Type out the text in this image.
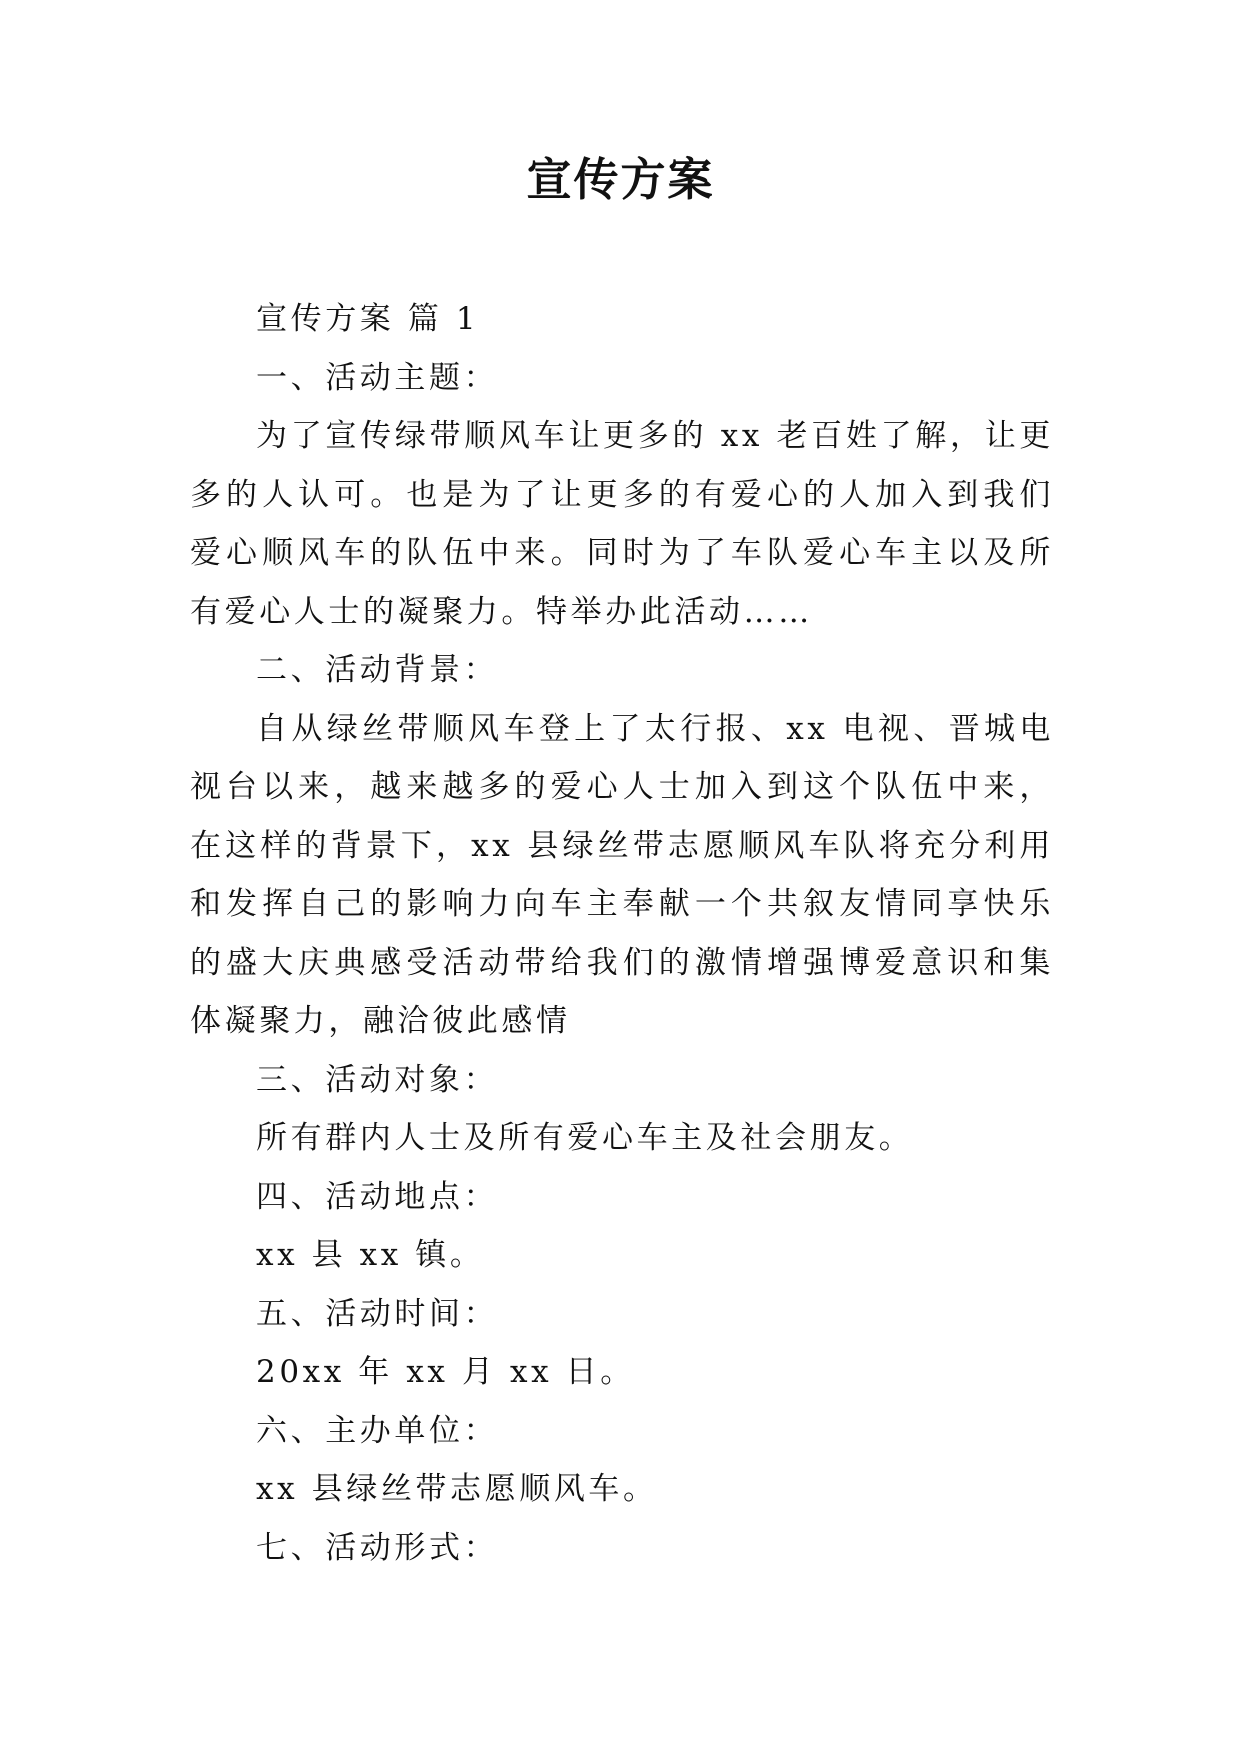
宣传方案

宣传方案 篇 1

一、活动主题：

为了宣传绿带顺风车让更多的 xx 老百姓了解，让更多的人认可。也是为了让更多的有爱心的人加入到我们爱心顺风车的队伍中来。同时为了车队爱心车主以及所有爱心人士的凝聚力。特举办此活动……

二、活动背景：

自从绿丝带顺风车登上了太行报、xx 电视、晋城电视台以来，越来越多的爱心人士加入到这个队伍中来， 在这样的背景下，xx 县绿丝带志愿顺风车队将充分利用和发挥自己的影响力向车主奉献一个共叙友情同享快乐的盛大庆典感受活动带给我们的激情增强博爱意识和集体凝聚力，融洽彼此感情

三、活动对象：

所有群内人士及所有爱心车主及社会朋友。

四、活动地点：

xx 县 xx 镇。

五、活动时间：

20xx 年 xx 月 xx 日。

六、主办单位：

xx 县绿丝带志愿顺风车。

七、活动形式：
